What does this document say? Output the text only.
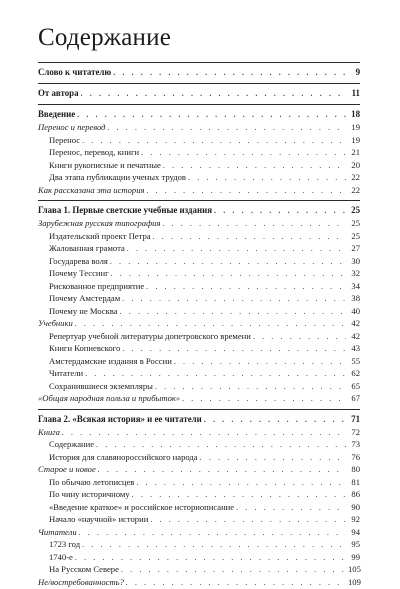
Содержание
Слово к читателю . . .	9
От автора . . .	11
Введение . . .	18
Перенос и перевод . . .	19
Перенос . . .	19
Перенос, перевод, книги . . .	21
Книги рукописные и печатные . . .	20
Два этапа публикации ученых трудов . . .	22
Как рассказана эта история . . .	22
Глава 1. Первые светские учебные издания . . .	25
Зарубежная русская типография . . .	25
Издательский проект Петра . . .	25
Жалованная грамота . . .	27
Государева воля . . .	30
Почему Тессинг . . .	32
Рискованное предприятие . . .	34
Почему Амстердам . . .	38
Почему не Москва . . .	40
Учебники . . .	42
Репертуар учебной литературы допетровского времени . . .	42
Книги Копиевского . . .	43
Амстердамские издания в России . . .	55
Читатели . . .	62
Сохранившиеся экземпляры . . .	65
«Общая народная польза и прибыток» . . .	67
Глава 2. «Всякая история» и ее читатели . . .	71
Книга . . .	72
Содержание . . .	73
История для славянороссийского народа . . .	76
Старое и новое . . .	80
По обычаю летописцев . . .	81
По чину историчному . . .	86
«Введение краткое» и российское историописание . . .	90
Начало «научной» истории . . .	92
Читатели . . .	94
1723 год . . .	95
1740-е . . .	99
На Русском Севере . . .	105
Не/востребованность? . . .	109
